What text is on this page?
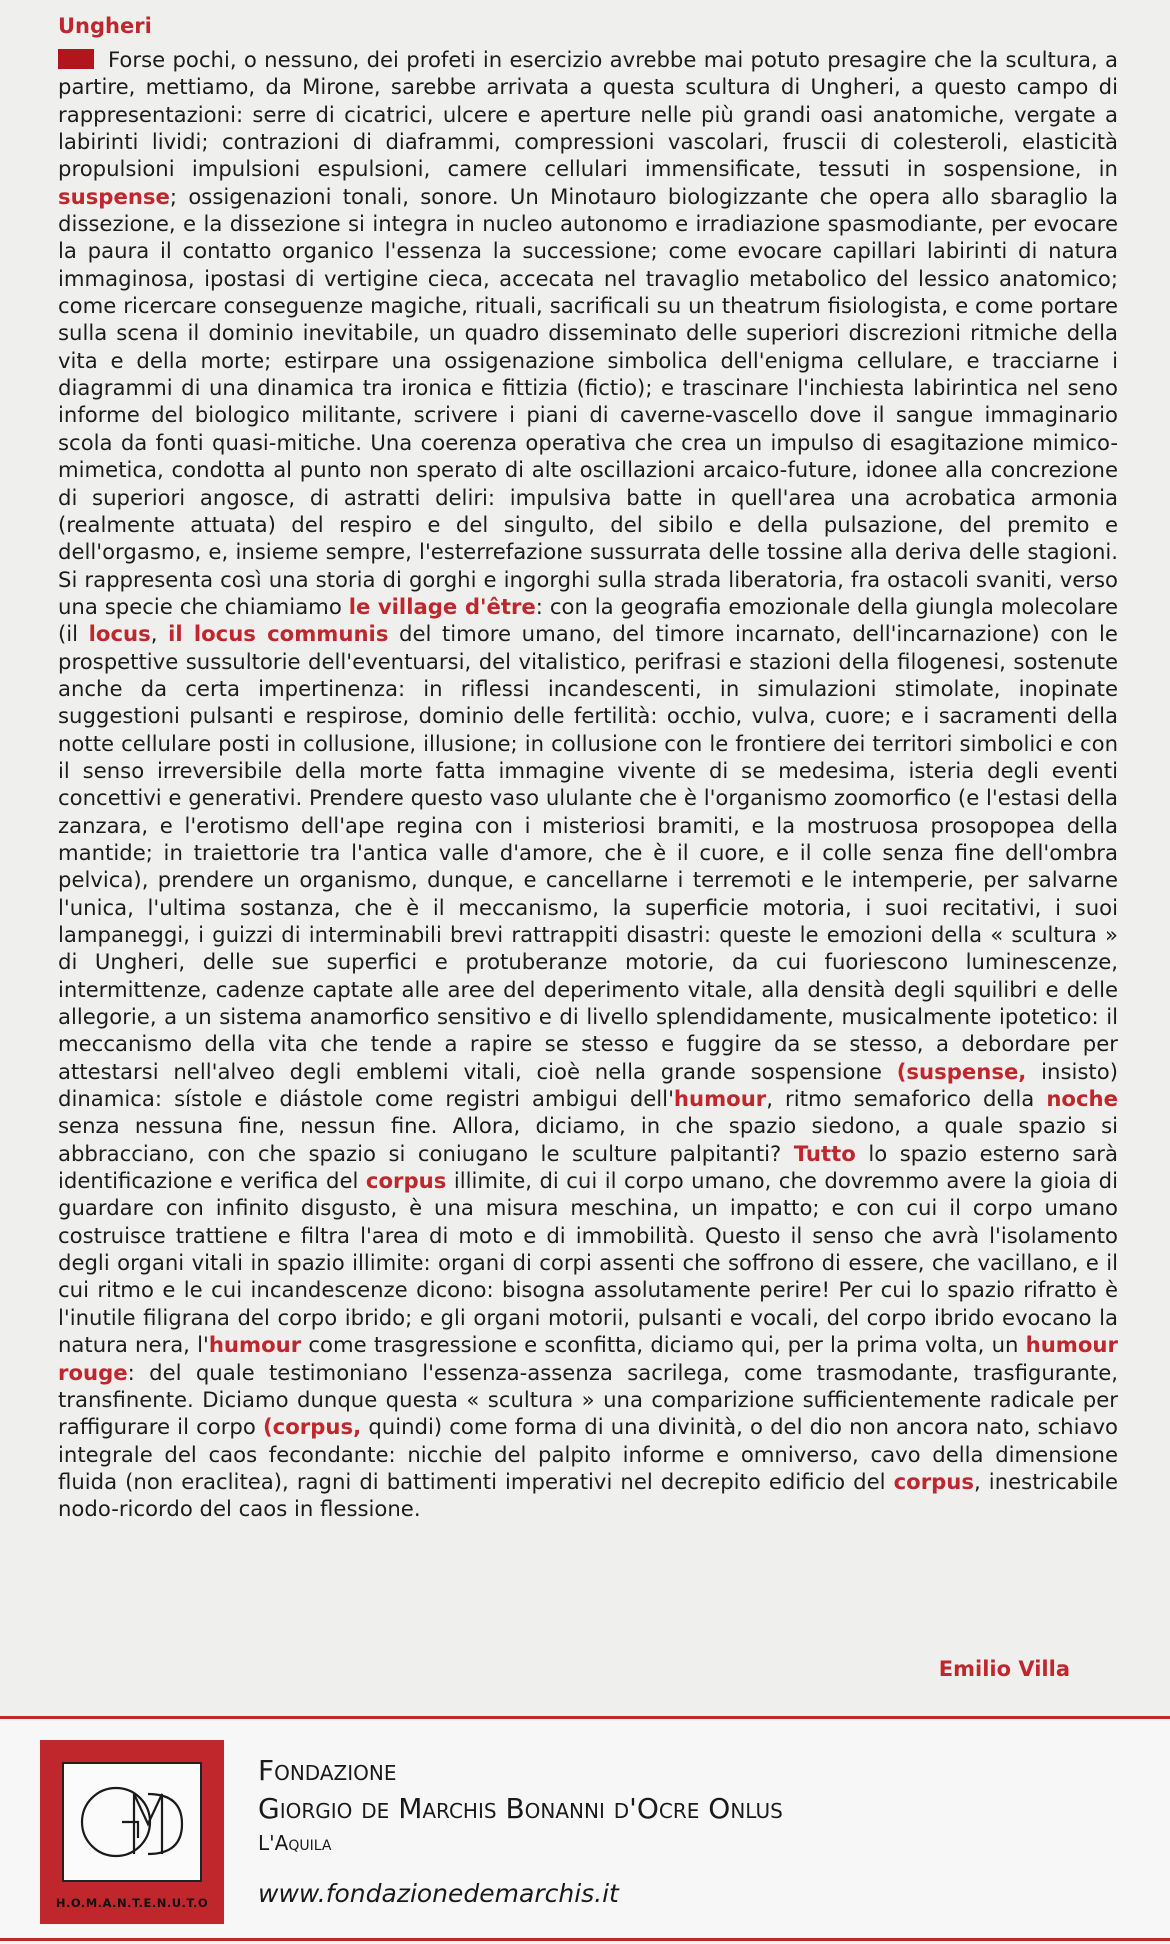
Ungheri

Forse pochi, o nessuno, dei profeti in esercizio avrebbe mai potuto presagire che la scultura, a partire, mettiamo, da Mirone, sarebbe arrivata a questa scultura di Ungheri, a questo campo di rappresentazioni: serre di cicatrici, ulcere e aperture nelle più grandi oasi anatomiche, vergate a labirinti lividi; contrazioni di diaframmi, compressioni vascolari, fruscii di colesteroli, elasticità propulsioni impulsioni espulsioni, camere cellulari immensificate, tessuti in sospensione, in suspense; ossigenazioni tonali, sonore. Un Minotauro biologizzante che opera allo sbaraglio la dissezione, e la dissezione si integra in nucleo autonomo e irradiazione spasmodiante, per evocare la paura il contatto organico l'essenza la successione; come evocare capillari labirinti di natura immaginosa, ipostasi di vertigine cieca, accecata nel travaglio metabolico del lessico anatomico; come ricercare conseguenze magiche, rituali, sacrificali su un theatrum fisiologista, e come portare sulla scena il dominio inevitabile, un quadro disseminato delle superiori discrezioni ritmiche della vita e della morte; estirpare una ossigenazione simbolica dell'enigma cellulare, e tracciarne i diagrammi di una dinamica tra ironica e fittizia (fictio); e trascinare l'inchiesta labirintica nel seno informe del biologico militante, scrivere i piani di caverne-vascello dove il sangue immaginario scola da fonti quasi-mitiche. Una coerenza operativa che crea un impulso di esagitazione mimico-mimetica, condotta al punto non sperato di alte oscillazioni arcaico-future, idonee alla concrezione di superiori angosce, di astratti deliri: impulsiva batte in quell'area una acrobatica armonia (realmente attuata) del respiro e del singulto, del sibilo e della pulsazione, del premito e dell'orgasmo, e, insieme sempre, l'esterrefazione sussurrata delle tossine alla deriva delle stagioni. Si rappresenta così una storia di gorghi e ingorghi sulla strada liberatoria, fra ostacoli svaniti, verso una specie che chiamiamo le village d'être: con la geografia emozionale della giungla molecolare (il locus, il locus communis del timore umano, del timore incarnato, dell'incarnazione) con le prospettive sussultorie dell'eventuarsi, del vitalistico, perifrasi e stazioni della filogenesi, sostenute anche da certa impertinenza: in riflessi incandescenti, in simulazioni stimolate, inopinate suggestioni pulsanti e respirose, dominio delle fertilità: occhio, vulva, cuore; e i sacramenti della notte cellulare posti in collusione, illusione; in collusione con le frontiere dei territori simbolici e con il senso irreversibile della morte fatta immagine vivente di se medesima, isteria degli eventi concettivi e generativi. Prendere questo vaso ululante che è l'organismo zoomorfico (e l'estasi della zanzara, e l'erotismo dell'ape regina con i misteriosi bramiti, e la mostruosa prosopopea della mantide; in traiettorie tra l'antica valle d'amore, che è il cuore, e il colle senza fine dell'ombra pelvica), prendere un organismo, dunque, e cancellarne i terremoti e le intemperie, per salvarne l'unica, l'ultima sostanza, che è il meccanismo, la superficie motoria, i suoi recitativi, i suoi lampaneggi, i guizzi di interminabili brevi rattrappiti disastri: queste le emozioni della « scultura » di Ungheri, delle sue superfici e protuberanze motorie, da cui fuoriescono luminescenze, intermittenze, cadenze captate alle aree del deperimento vitale, alla densità degli squilibri e delle allegorie, a un sistema anamorfico sensitivo e di livello splendidamente, musicalmente ipotetico: il meccanismo della vita che tende a rapire se stesso e fuggire da se stesso, a debordare per attestarsi nell'alveo degli emblemi vitali, cioè nella grande sospensione (suspense, insisto) dinamica: sístole e diástole come registri ambigui dell'humour, ritmo semaforico della noche senza nessuna fine, nessun fine. Allora, diciamo, in che spazio siedono, a quale spazio si abbracciano, con che spazio si coniugano le sculture palpitanti? Tutto lo spazio esterno sarà identificazione e verifica del corpus illimite, di cui il corpo umano, che dovremmo avere la gioia di guardare con infinito disgusto, è una misura meschina, un impatto; e con cui il corpo umano costruisce trattiene e filtra l'area di moto e di immobilità. Questo il senso che avrà l'isolamento degli organi vitali in spazio illimite: organi di corpi assenti che soffrono di essere, che vacillano, e il cui ritmo e le cui incandescenze dicono: bisogna assolutamente perire! Per cui lo spazio rifratto è l'inutile filigrana del corpo ibrido; e gli organi motorii, pulsanti e vocali, del corpo ibrido evocano la natura nera, l'humour come trasgressione e sconfitta, diciamo qui, per la prima volta, un humour rouge: del quale testimoniano l'essenza-assenza sacrilega, come trasmodante, trasfigurante, transfinente. Diciamo dunque questa « scultura » una comparizione sufficientemente radicale per raffigurare il corpo (corpus, quindi) come forma di una divinità, o del dio non ancora nato, schiavo integrale del caos fecondante: nicchie del palpito informe e omniverso, cavo della dimensione fluida (non eraclitea), ragni di battimenti imperativi nel decrepito edificio del corpus, inestricabile nodo-ricordo del caos in flessione.

Emilio Villa
H.O.M.A.N.T.E.N.U.T.O
Fondazione
Giorgio de Marchis Bonanni d'Ocre Onlus
L'Aquila
www.fondazionedemarchis.it
